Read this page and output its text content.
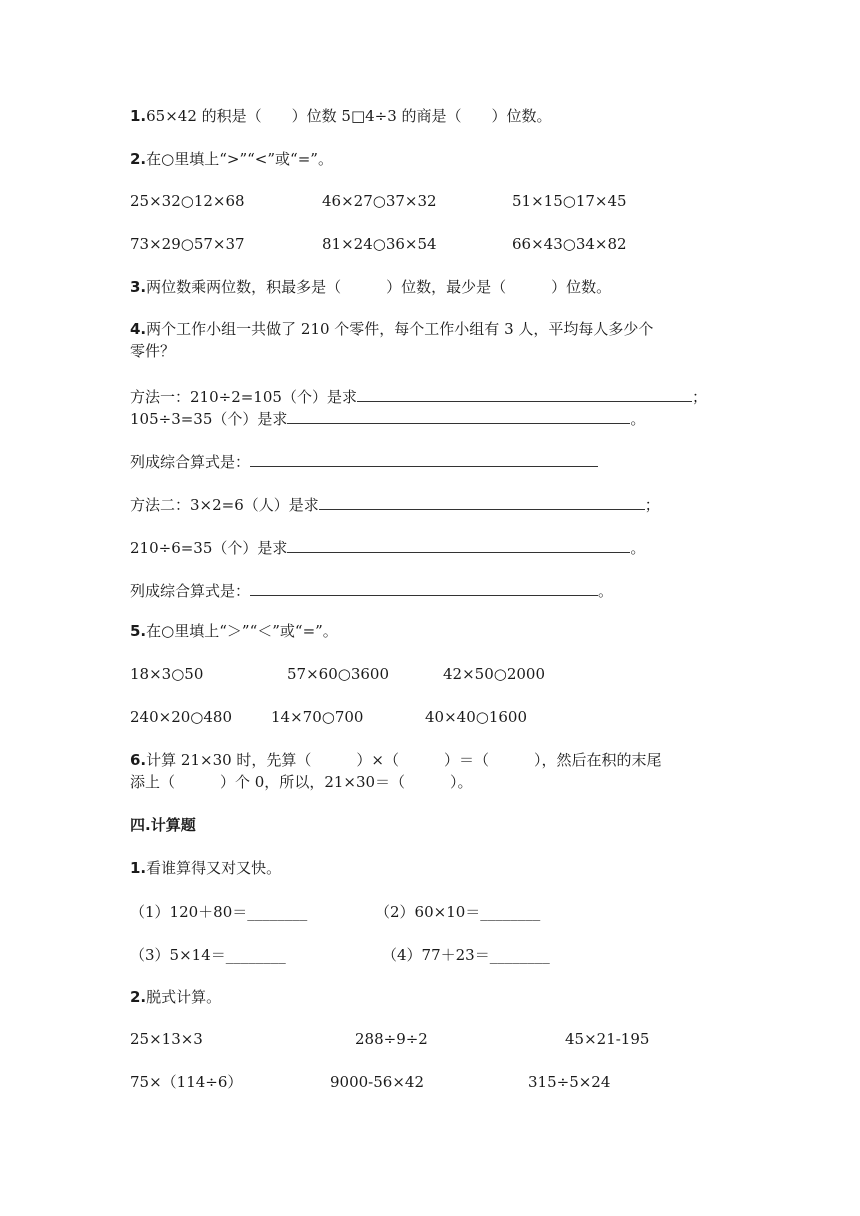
1.65×42 的积是（　　）位数 5□4÷3 的商是（　　）位数。
2.在○里填上“>”“<”或“=”。
25×32○12×68	46×27○37×32	51×15○17×45
73×29○57×37	81×24○36×54	66×43○34×82
3.两位数乘两位数，积最多是（　　　）位数，最少是（　　　）位数。
4.两个工作小组一共做了 210 个零件，每个工作小组有 3 人，平均每人多少个
零件？
方法一：210÷2=105（个）是求	；
105÷3=35（个）是求	。
列成综合算式是：
方法二：3×2=6（人）是求	；
210÷6=35（个）是求	。
列成综合算式是：	。
5.在○里填上“＞”“＜”或“=”。
18×3○50	57×60○3600	42×50○2000
240×20○480	14×70○700	40×40○1600
6.计算 21×30 时，先算（　　　）×（　　　）＝（　　　），然后在积的末尾
添上（　　　）个 0，所以，21×30＝（　　　）。
四.计算题
1.看谁算得又对又快。
（1）120＋80＝________	（2）60×10＝________
（3）5×14＝________	（4）77＋23＝________
2.脱式计算。
25×13×3	288÷9÷2	45×21-195
75×（114÷6）	9000-56×42	315÷5×24
